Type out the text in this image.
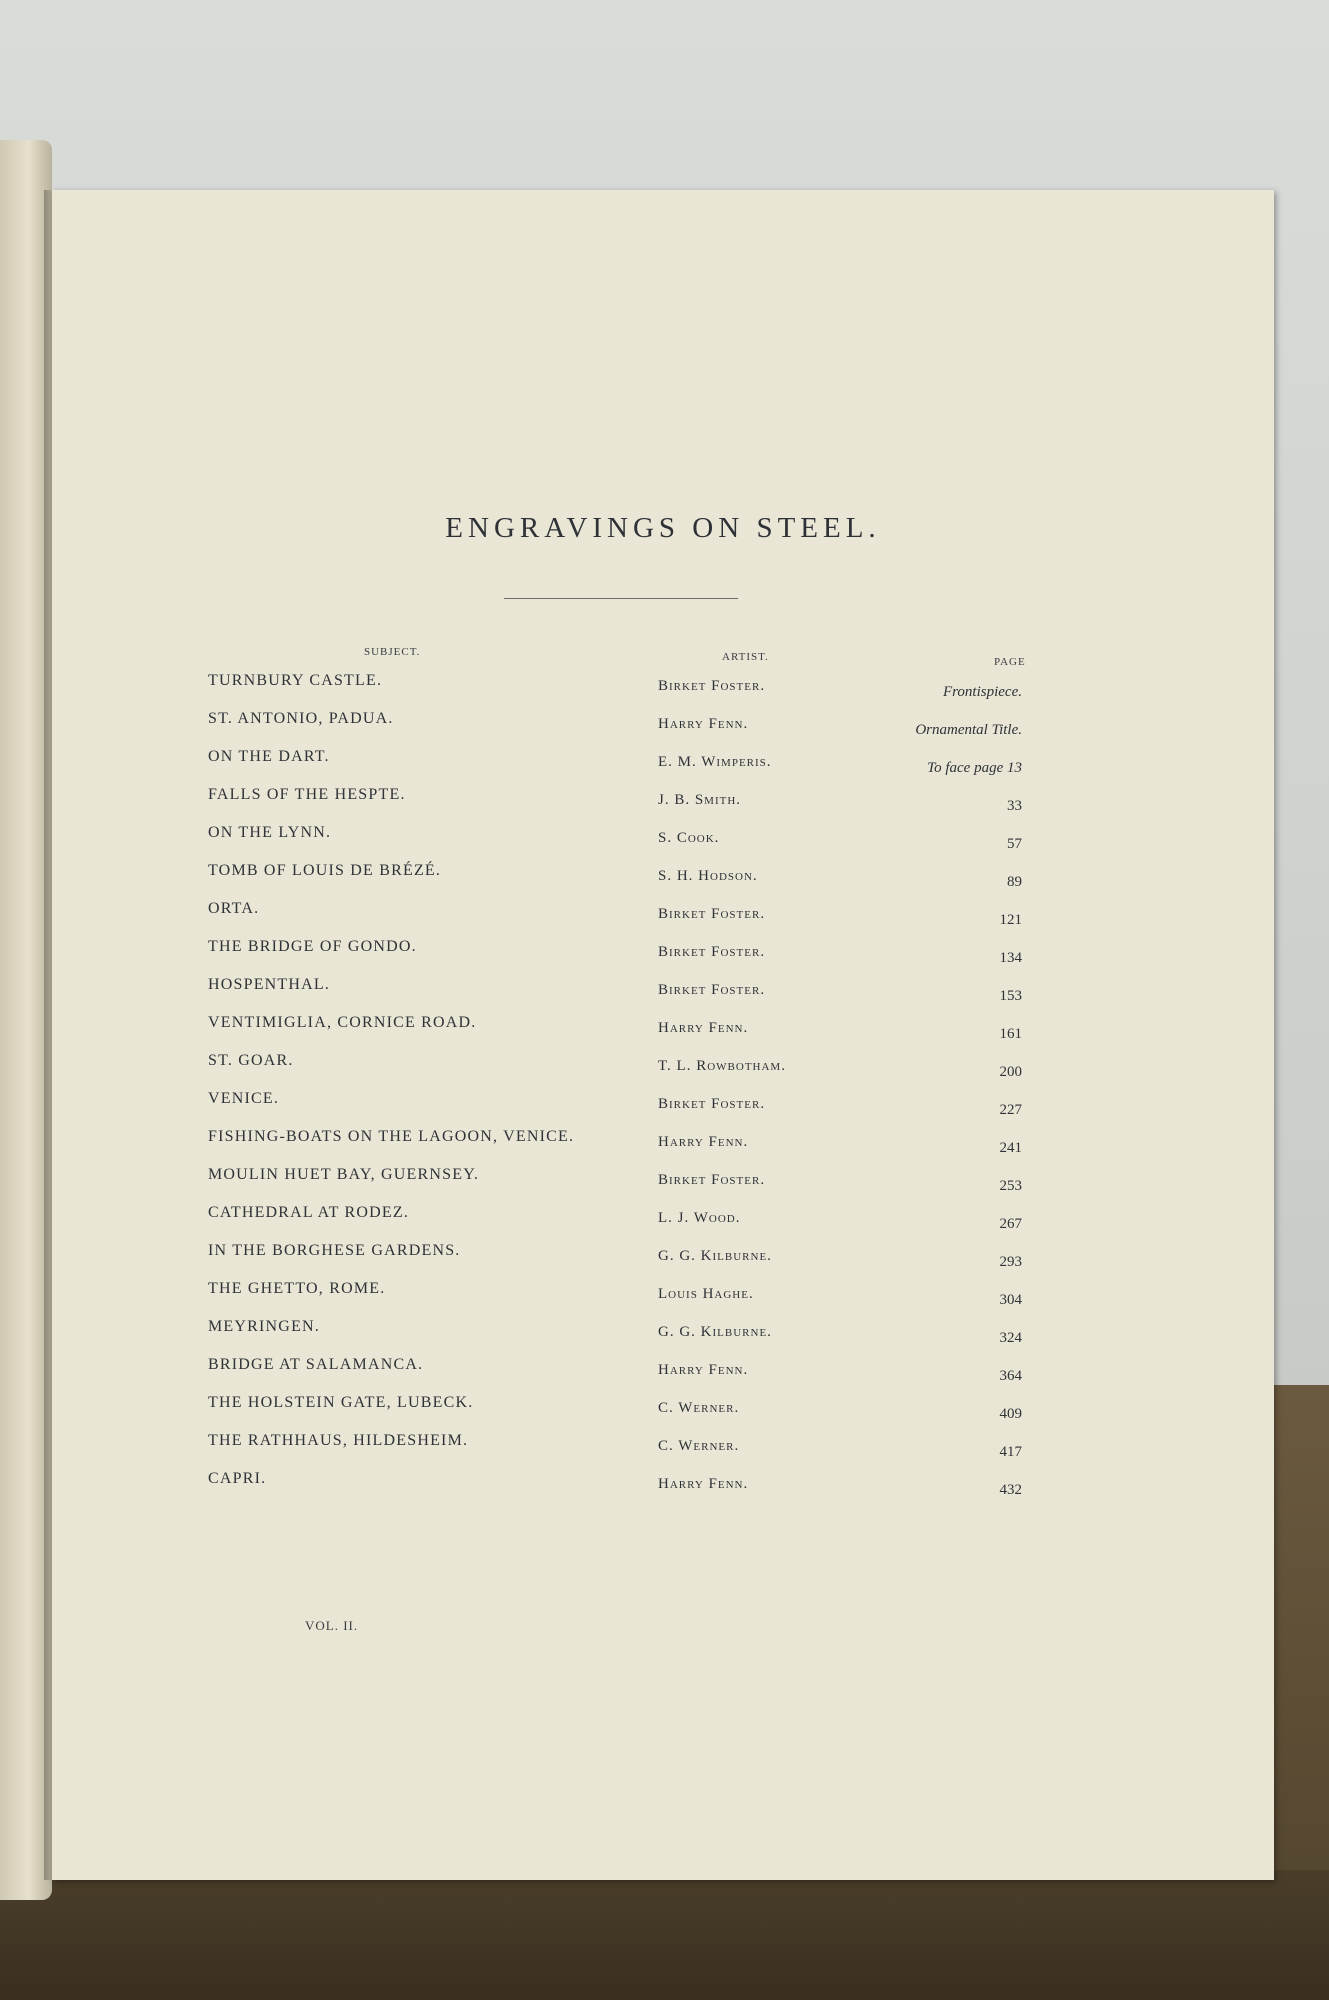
ENGRAVINGS ON STEEL.
SUBJECT.	ARTIST.	PAGE
TURNBURY CASTLE.	Birket Foster.	Frontispiece.
ST. ANTONIO, PADUA.	Harry Fenn.	Ornamental Title.
ON THE DART.	E. M. Wimperis.	To face page 13
FALLS OF THE HESPTE.	J. B. Smith.	33
ON THE LYNN.	S. Cook.	57
TOMB OF LOUIS DE BRÉZÉ.	S. H. Hodson.	89
ORTA.	Birket Foster.	121
THE BRIDGE OF GONDO.	Birket Foster.	134
HOSPENTHAL.	Birket Foster.	153
VENTIMIGLIA, CORNICE ROAD.	Harry Fenn.	161
ST. GOAR.	T. L. Rowbotham.	200
VENICE.	Birket Foster.	227
FISHING-BOATS ON THE LAGOON, VENICE.	Harry Fenn.	241
MOULIN HUET BAY, GUERNSEY.	Birket Foster.	253
CATHEDRAL AT RODEZ.	L. J. Wood.	267
IN THE BORGHESE GARDENS.	G. G. Kilburne.	293
THE GHETTO, ROME.	Louis Haghe.	304
MEYRINGEN.	G. G. Kilburne.	324
BRIDGE AT SALAMANCA.	Harry Fenn.	364
THE HOLSTEIN GATE, LUBECK.	C. Werner.	409
THE RATHHAUS, HILDESHEIM.	C. Werner.	417
CAPRI.	Harry Fenn.	432
VOL. II.
